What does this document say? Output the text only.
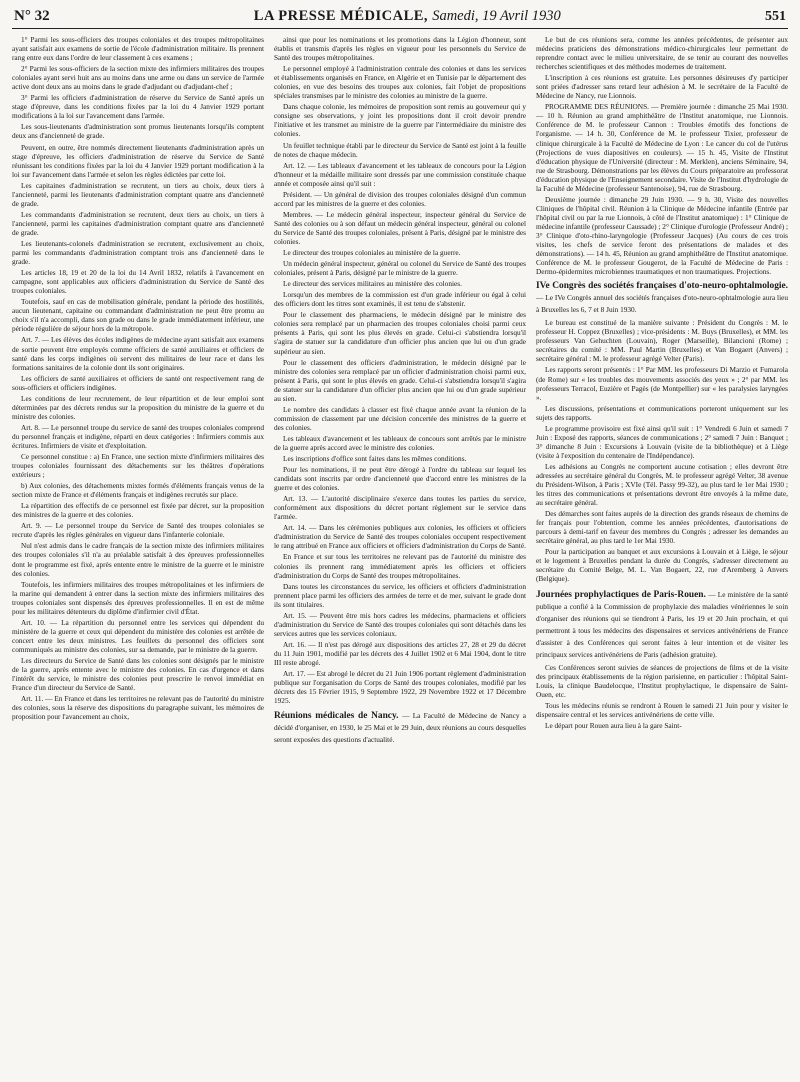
N° 32	LA PRESSE MÉDICALE, Samedi, 19 Avril 1930	551

1° Parmi les sous-officiers des troupes coloniales et des troupes métropolitaines ayant satisfait aux examens de sortie de l'école d'administration militaire. Ils prennent rang entre eux dans l'ordre de leur classement à ces examens ;

2° Parmi les sous-officiers de la section mixte des infirmiers militaires des troupes coloniales ayant servi huit ans au moins dans une arme ou dans un service de l'armée active dont deux ans au moins dans le grade d'adjudant ou d'adjudant-chef ;

3° Parmi les officiers d'administration de réserve du Service de Santé après un stage d'épreuve, dans les conditions fixées par la loi du 4 Janvier 1929 portant modifications à la loi sur l'avancement dans l'armée.

Les sous-lieutenants d'administration sont promus lieutenants lorsqu'ils comptent deux ans d'ancienneté de grade.

Peuvent, en outre, être nommés directement lieutenants d'administration après un stage d'épreuve, les officiers d'administration de réserve du Service de Santé réunissant les conditions fixées par la loi du 4 Janvier 1929 portant modification à la loi sur l'avancement dans l'armée et selon les règles édictées par cette loi.

Les capitaines d'administration se recrutent, un tiers au choix, deux tiers à l'ancienneté, parmi les lieutenants d'administration comptant quatre ans d'ancienneté de grade.

Les commandants d'administration se recrutent, deux tiers au choix, un tiers à l'ancienneté, parmi les capitaines d'administration comptant quatre ans d'ancienneté de grade.

Les lieutenants-colonels d'administration se recrutent, exclusivement au choix, parmi les commandants d'administration comptant trois ans d'ancienneté dans le grade.

Les articles 18, 19 et 20 de la loi du 14 Avril 1832, relatifs à l'avancement en campagne, sont applicables aux officiers d'administration du Service de Santé des troupes coloniales.

Toutefois, sauf en cas de mobilisation générale, pendant la période des hostilités, aucun lieutenant, capitaine ou commandant d'administration ne peut être promu au choix s'il n'a accompli, dans son grade ou dans le grade immédiatement inférieur, une période régulière de séjour hors de la métropole.

Art. 7. — Les élèves des écoles indigènes de médecine ayant satisfait aux examens de sortie peuvent être employés comme officiers de santé auxiliaires et officiers de santé dans les corps indigènes où servent des militaires de leur race et dans les formations sanitaires de la colonie dont ils sont originaires.

Les officiers de santé auxiliaires et officiers de santé ont respectivement rang de sous-officiers et officiers indigènes.

Les conditions de leur recrutement, de leur répartition et de leur emploi sont déterminées par des décrets rendus sur la proposition du ministre de la guerre et du ministre des colonies.

Art. 8. — Le personnel troupe du service de santé des troupes coloniales comprend du personnel français et indigène, réparti en deux catégories : Infirmiers commis aux écritures. Infirmiers de visite et d'exploitation.

Ce personnel constitue : a) En France, une section mixte d'infirmiers militaires des troupes coloniales fournissant des détachements sur les théâtres d'opérations extérieurs ;

b) Aux colonies, des détachements mixtes formés d'éléments français venus de la section mixte de France et d'éléments français et indigènes recrutés sur place.

La répartition des effectifs de ce personnel est fixée par décret, sur la proposition des ministres de la guerre et des colonies.

Art. 9. — Le personnel troupe du Service de Santé des troupes coloniales se recrute d'après les règles générales en vigueur dans l'infanterie coloniale.

Nul n'est admis dans le cadre français de la section mixte des infirmiers militaires des troupes coloniales s'il n'a au préalable satisfait à des épreuves professionnelles dont le programme est fixé, après entente entre le ministre de la guerre et le ministre des colonies.

Toutefois, les infirmiers militaires des troupes métropolitaines et les infirmiers de la marine qui demandent à entrer dans la section mixte des infirmiers militaires des troupes coloniales sont dispensés des épreuves professionnelles. Il en est de même pour les militaires détenteurs du diplôme d'infirmier civil d'État.

Art. 10. — La répartition du personnel entre les services qui dépendent du ministère de la guerre et ceux qui dépendent du ministère des colonies est arrêtée de concert entre les deux ministres. Les feuillets du personnel des officiers sont communiqués au ministre des colonies, sur sa demande, par le ministre de la guerre.

Les directeurs du Service de Santé dans les colonies sont désignés par le ministre de la guerre, après entente avec le ministre des colonies. En cas d'urgence et dans l'intérêt du service, le ministre des colonies peut prescrire le renvoi immédiat en France d'un directeur du Service de Santé.

Art. 11. — En France et dans les territoires ne relevant pas de l'autorité du ministre des colonies, sous la réserve des dispositions du paragraphe suivant, les mémoires de proposition pour l'avancement au choix,

ainsi que pour les nominations et les promotions dans la Légion d'honneur, sont établis et transmis d'après les règles en vigueur pour les personnels du Service de Santé des troupes métropolitaines.

Le personnel employé à l'administration centrale des colonies et dans les services et établissements organisés en France, en Algérie et en Tunisie par le département des colonies, en vue des besoins des troupes aux colonies, fait l'objet de propositions spéciales transmises par le ministre des colonies au ministre de la guerre.

Dans chaque colonie, les mémoires de proposition sont remis au gouverneur qui y consigne ses observations, y joint les propositions dont il croit devoir prendre l'initiative et les transmet au ministre de la guerre par l'intermédiaire du ministre des colonies.

Un feuillet technique établi par le directeur du Service de Santé est joint à la feuille de notes de chaque médecin.

Art. 12. — Les tableaux d'avancement et les tableaux de concours pour la Légion d'honneur et la médaille militaire sont dressés par une commission constituée chaque année et composée ainsi qu'il suit :

Président. — Un général de division des troupes coloniales désigné d'un commun accord par les ministres de la guerre et des colonies.

Membres. — Le médecin général inspecteur, inspecteur général du Service de Santé des colonies ou à son défaut un médecin général inspecteur, général ou colonel du Service de Santé des troupes coloniales, présent à Paris, désigné par le ministre des colonies.

Le directeur des troupes coloniales au ministère de la guerre.

Un médecin général inspecteur, général ou colonel du Service de Santé des troupes coloniales, présent à Paris, désigné par le ministre de la guerre.

Le directeur des services militaires au ministère des colonies.

Lorsqu'un des membres de la commission est d'un grade inférieur ou égal à celui des officiers dont les titres sont examinés, il est tenu de s'abstenir.

Pour le classement des pharmaciens, le médecin désigné par le ministre des colonies sera remplacé par un pharmacien des troupes coloniales choisi parmi ceux présents à Paris, qui sont les plus élevés en grade. Celui-ci s'abstiendra lorsqu'il s'agira de statuer sur la candidature d'un officier plus ancien que lui ou d'un grade supérieur au sien.

Pour le classement des officiers d'administration, le médecin désigné par le ministre des colonies sera remplacé par un officier d'administration choisi parmi eux, présent à Paris, qui sont le plus élevés en grade. Celui-ci s'abstiendra lorsqu'il s'agira de statuer sur la candidature d'un officier plus ancien que lui ou d'un grade supérieur au sien.

Le nombre des candidats à classer est fixé chaque année avant la réunion de la commission de classement par une décision concertée des ministres de la guerre et des colonies.

Les tableaux d'avancement et les tableaux de concours sont arrêtés par le ministre de la guerre après accord avec le ministre des colonies.

Les inscriptions d'office sont faites dans les mêmes conditions.

Pour les nominations, il ne peut être dérogé à l'ordre du tableau sur lequel les candidats sont inscrits par ordre d'ancienneté que d'accord entre les ministres de la guerre et des colonies.

Art. 13. — L'autorité disciplinaire s'exerce dans toutes les parties du service, conformément aux dispositions du décret portant règlement sur le service dans l'armée.

Art. 14. — Dans les cérémonies publiques aux colonies, les officiers et officiers d'administration du Service de Santé des troupes coloniales occupent respectivement le rang attribué en France aux officiers et officiers d'administration du Corps de Santé.

En France et sur tous les territoires ne relevant pas de l'autorité du ministre des colonies ils prennent rang immédiatement après les officiers et officiers d'administration du Corps de Santé des troupes métropolitaines.

Dans toutes les circonstances du service, les officiers et officiers d'administration prennent place parmi les officiers des armées de terre et de mer, suivant le grade dont ils sont titulaires.

Art. 15. — Peuvent être mis hors cadres les médecins, pharmaciens et officiers d'administration du Service de Santé des troupes coloniales qui sont détachés dans les services autres que les services coloniaux.

Art. 16. — Il n'est pas dérogé aux dispositions des articles 27, 28 et 29 du décret du 11 Juin 1901, modifié par les décrets des 4 Juillet 1902 et 6 Mai 1904, dont le titre III reste abrogé.

Art. 17. — Est abrogé le décret du 21 Juin 1906 portant règlement d'administration publique sur l'organisation du Corps de Santé des troupes coloniales, modifié par les décrets des 15 Février 1915, 9 Septembre 1922, 29 Novembre 1922 et 17 Décembre 1925.

Réunions médicales de Nancy. — La Faculté de Médecine de Nancy a décidé d'organiser, en 1930, le 25 Mai et le 29 Juin, deux réunions au cours desquelles seront exposées des questions d'actualité.

Le but de ces réunions sera, comme les années précédentes, de présenter aux médecins praticiens des démonstrations médico-chirurgicales leur permettant de reprendre contact avec le milieu universitaire, de se tenir au courant des nouvelles recherches scientifiques et des méthodes modernes de traitement.

L'inscription à ces réunions est gratuite. Les personnes désireuses d'y participer sont priées d'adresser sans retard leur adhésion à M. le secrétaire de la Faculté de Médecine de Nancy, rue Lionnois.

PROGRAMME DES RÉUNIONS. — Première journée : dimanche 25 Mai 1930. — 10 h. Réunion au grand amphithéâtre de l'Institut anatomique, rue Lionnois. Conférence de M. le professeur Cannon : Troubles émotifs des fonctions de l'organisme. — 14 h. 30, Conférence de M. le professeur Tixier, professeur de clinique chirurgicale à la Faculté de Médecine de Lyon : Le cancer du col de l'utérus (Projections de vues diapositives en couleurs). — 15 h. 45, Visite de l'Institut d'éducation physique de l'Université (directeur : M. Merklen), anciens Séminaire, 94, rue de Strasbourg. Démonstrations par les élèves du Cours préparatoire au professorat d'éducation physique de l'Enseignement secondaire. Visite de l'Institut d'hydrologie de la Faculté de Médecine (professeur Santenoise), 94, rue de Strasbourg.

Deuxième journée : dimanche 29 Juin 1930. — 9 h. 30, Visite des nouvelles Cliniques de l'hôpital civil. Réunion à la Clinique de Médecine infantile (Entrée par l'hôpital civil ou par la rue Lionnois, à côté de l'Institut anatomique) : 1° Clinique de médecine infantile (professeur Caussade) ; 2° Clinique d'urologie (Professeur André) ; 3° Clinique d'oto-rhino-laryngologie (Professeur Jacques) (Au cours de ces trois visites, les chefs de service feront des présentations de malades et des démonstrations). — 14 h. 45, Réunion au grand amphithéâtre de l'Institut anatomique. Conférence de M. le professeur Gougerot, de la Faculté de Médecine de Paris : Dermo-épidermites microbiennes traumatiques et non traumatiques. Projections.

IVe Congrès des sociétés françaises d'oto-neuro-ophtalmologie. — Le IVe Congrès annuel des sociétés françaises d'oto-neuro-ophtalmologie aura lieu à Bruxelles les 6, 7 et 8 Juin 1930.

Le bureau est constitué de la manière suivante : Président du Congrès : M. le professeur H. Coppez (Bruxelles) ; vice-présidents : M. Buys (Bruxelles), et MM. les professeurs Van Gehuchten (Louvain), Roger (Marseille), Bilancioni (Rome) ; secrétaires du comité : MM. Paul Martin (Bruxelles) et Van Bogaert (Anvers) ; secrétaire général : M. le professeur agrégé Velter (Paris).

Les rapports seront présentés : 1° Par MM. les professeurs Di Marzio et Fumarola (de Rome) sur « les troubles des mouvements associés des yeux » ; 2° par MM. les professeurs Terracol, Euzière et Pagès (de Montpellier) sur « les paralysies laryngées ».

Les discussions, présentations et communications porteront uniquement sur les sujets des rapports.

Le programme provisoire est fixé ainsi qu'il suit : 1° Vendredi 6 Juin et samedi 7 Juin : Exposé des rapports, séances de communications ; 2° samedi 7 Juin : Banquet ; 3° dimanche 8 Juin : Excursions à Louvain (visite de la bibliothèque) et à Liège (visite à l'exposition du centenaire de l'Indépendance).

Les adhésions au Congrès ne comportent aucune cotisation ; elles devront être adressées au secrétaire général du Congrès, M. le professeur agrégé Velter, 38 avenue du Président-Wilson, à Paris ; XVIe (Tél. Passy 99-32), au plus tard le 1er Mai 1930 ; les titres des communications et présentations devront être envoyés à la même date, au secrétaire général.

Des démarches sont faites auprès de la direction des grands réseaux de chemins de fer français pour l'obtention, comme les années précédentes, d'autorisations de parcours à demi-tarif en faveur des membres du Congrès ; adresser les demandes au secrétaire général, au plus tard le 1er Mai 1930.

Pour la participation au banquet et aux excursions à Louvain et à Liège, le séjour et le logement à Bruxelles pendant la durée du Congrès, s'adresser directement au secrétaire du Comité Belge, M. L. Van Bogaert, 22, rue d'Aremberg à Anvers (Belgique).

Journées prophylactiques de Paris-Rouen. — Le ministère de la santé publique a confié à la Commission de prophylaxie des maladies vénériennes le soin d'organiser des réunions qui se tiendront à Paris, les 19 et 20 Juin prochain, et qui permettront à tous les médecins des dispensaires et services antivénériens de France d'assister à des Conférences qui seront faites à leur intention et de visiter les principaux services antivénériens de Paris (adhésion gratuite).

Ces Conférences seront suivies de séances de projections de films et de la visite des principaux établissements de la région parisienne, en particulier : l'hôpital Saint-Louis, la clinique Baudelocque, l'Institut prophylactique, le dispensaire de Saint-Ouen, etc.

Tous les médecins réunis se rendront à Rouen le samedi 21 Juin pour y visiter le dispensaire central et les services antivénériens de cette ville.

Le départ pour Rouen aura lieu à la gare Saint-
